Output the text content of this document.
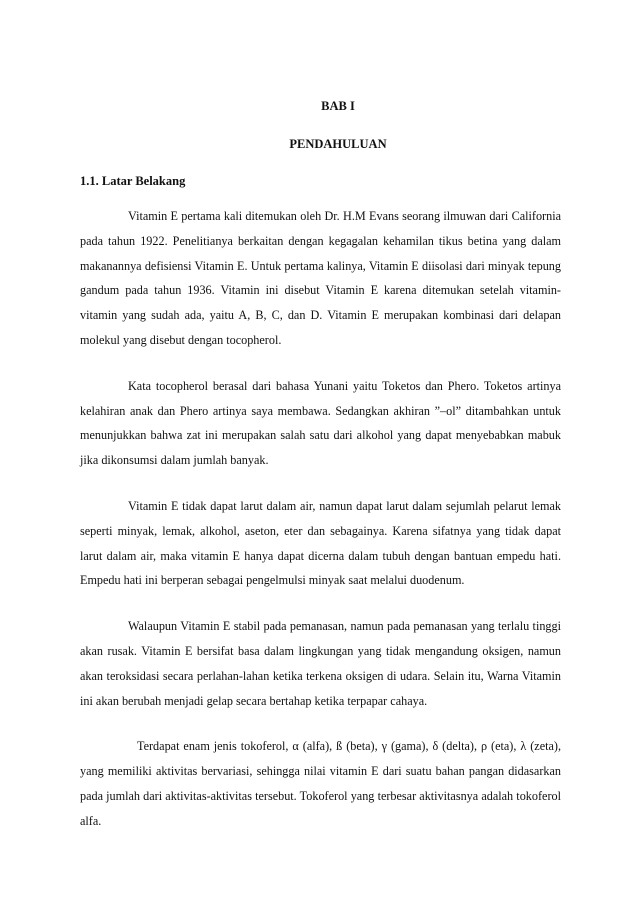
BAB I
PENDAHULUAN
1.1. Latar Belakang

Vitamin E pertama kali ditemukan oleh Dr. H.M Evans seorang ilmuwan dari California pada tahun 1922. Penelitianya berkaitan dengan kegagalan kehamilan tikus betina yang dalam makanannya defisiensi Vitamin E. Untuk pertama kalinya, Vitamin E diisolasi dari minyak tepung gandum pada tahun 1936. Vitamin ini disebut Vitamin E karena ditemukan setelah vitamin-vitamin yang sudah ada, yaitu A, B, C, dan D. Vitamin E merupakan kombinasi dari delapan molekul yang disebut dengan tocopherol.

Kata tocopherol berasal dari bahasa Yunani yaitu Toketos dan Phero. Toketos artinya kelahiran anak dan Phero artinya saya membawa. Sedangkan akhiran ”–ol” ditambahkan untuk menunjukkan bahwa zat ini merupakan salah satu dari alkohol yang dapat menyebabkan mabuk jika dikonsumsi dalam jumlah banyak.

Vitamin E tidak dapat larut dalam air, namun dapat larut dalam sejumlah pelarut lemak seperti minyak, lemak, alkohol, aseton, eter dan sebagainya. Karena sifatnya yang tidak dapat larut dalam air, maka vitamin E hanya dapat dicerna dalam tubuh dengan bantuan empedu hati. Empedu hati ini berperan sebagai pengelmulsi minyak saat melalui duodenum.

Walaupun Vitamin E stabil pada pemanasan, namun pada pemanasan yang terlalu tinggi akan rusak. Vitamin E bersifat basa dalam lingkungan yang tidak mengandung oksigen, namun akan teroksidasi secara perlahan-lahan ketika terkena oksigen di udara. Selain itu, Warna Vitamin ini akan berubah menjadi gelap secara bertahap ketika terpapar cahaya.

Terdapat enam jenis tokoferol, α (alfa), ß (beta), γ (gama), δ (delta), ρ (eta), λ (zeta), yang memiliki aktivitas bervariasi, sehingga nilai vitamin E dari suatu bahan pangan didasarkan pada jumlah dari aktivitas-aktivitas tersebut. Tokoferol yang terbesar aktivitasnya adalah tokoferol alfa.
